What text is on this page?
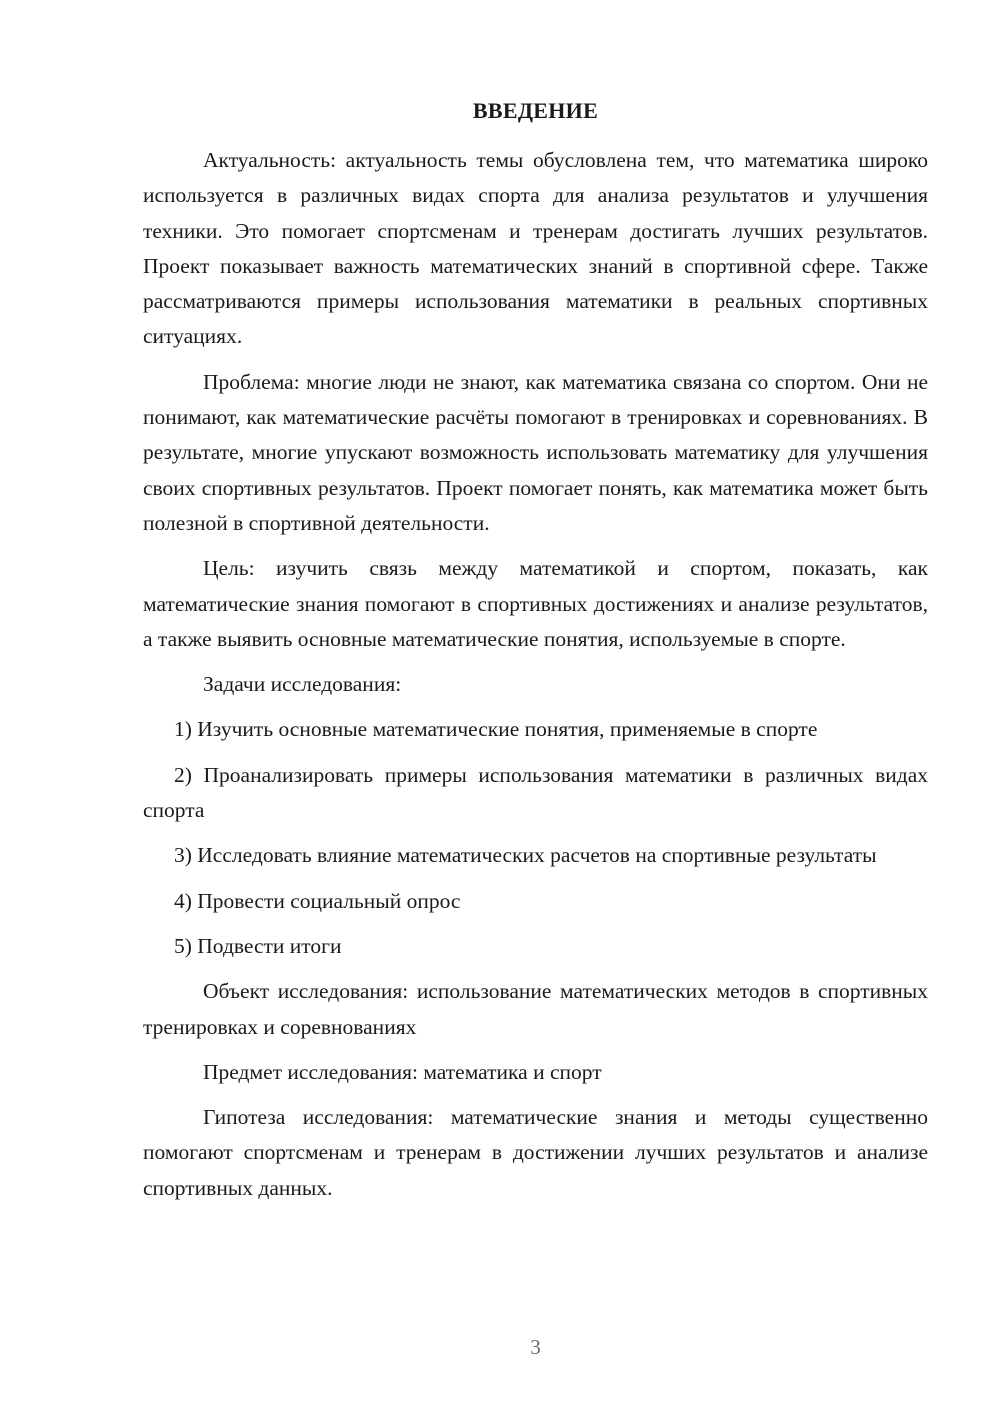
ВВЕДЕНИЕ

Актуальность: актуальность темы обусловлена тем, что математика широко используется в различных видах спорта для анализа результатов и улучшения техники. Это помогает спортсменам и тренерам достигать лучших результатов. Проект показывает важность математических знаний в спортивной сфере. Также рассматриваются примеры использования математики в реальных спортивных ситуациях.

Проблема: многие люди не знают, как математика связана со спортом. Они не понимают, как математические расчёты помогают в тренировках и соревнованиях. В результате, многие упускают возможность использовать математику для улучшения своих спортивных результатов. Проект помогает понять, как математика может быть полезной в спортивной деятельности.

Цель: изучить связь между математикой и спортом, показать, как математические знания помогают в спортивных достижениях и анализе результатов, а также выявить основные математические понятия, используемые в спорте.

Задачи исследования:

1) Изучить основные математические понятия, применяемые в спорте

2) Проанализировать примеры использования математики в различных видах спорта

3) Исследовать влияние математических расчетов на спортивные результаты

4) Провести социальный опрос

5) Подвести итоги

Объект исследования: использование математических методов в спортивных тренировках и соревнованиях

Предмет исследования: математика и спорт

Гипотеза исследования: математические знания и методы существенно помогают спортсменам и тренерам в достижении лучших результатов и анализе спортивных данных.

3
